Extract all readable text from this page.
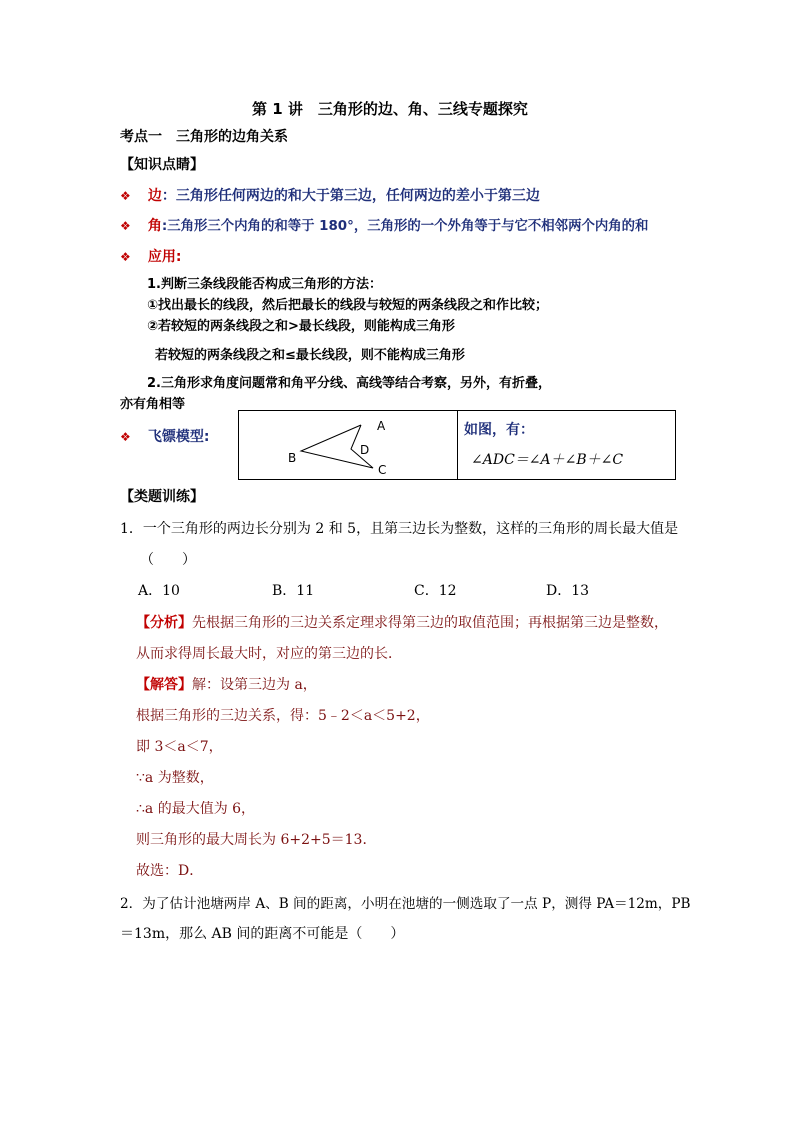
第 1 讲　三角形的边、角、三线专题探究
考点一　三角形的边角关系
【知识点睛】
❖ 边：三角形任何两边的和大于第三边，任何两边的差小于第三边
❖ 角:三角形三个内角的和等于 180°，三角形的一个外角等于与它不相邻两个内角的和
❖ 应用:
1.判断三条线段能否构成三角形的方法：
①找出最长的线段，然后把最长的线段与较短的两条线段之和作比较；
②若较短的两条线段之和>最长线段，则能构成三角形
若较短的两条线段之和≤最长线段，则不能构成三角形
2.三角形求角度问题常和角平分线、高线等结合考察，另外，有折叠，
亦有角相等
❖ 飞镖模型:
A
B
D
C
如图，有：
∠ADC＝∠A＋∠B＋∠C
【类题训练】
1．一个三角形的两边长分别为 2 和 5，且第三边长为整数，这样的三角形的周长最大值是
（　　）
A．10	B．11	C．12	D．13
【分析】先根据三角形的三边关系定理求得第三边的取值范围；再根据第三边是整数，
从而求得周长最大时，对应的第三边的长．
【解答】解：设第三边为 a，
根据三角形的三边关系，得：5﹣2＜a＜5+2，
即 3＜a＜7，
∵a 为整数，
∴a 的最大值为 6，
则三角形的最大周长为 6+2+5＝13．
故选：D．
2．为了估计池塘两岸 A、B 间的距离，小明在池塘的一侧选取了一点 P，测得 PA＝12m，PB
＝13m，那么 AB 间的距离不可能是（　　）
